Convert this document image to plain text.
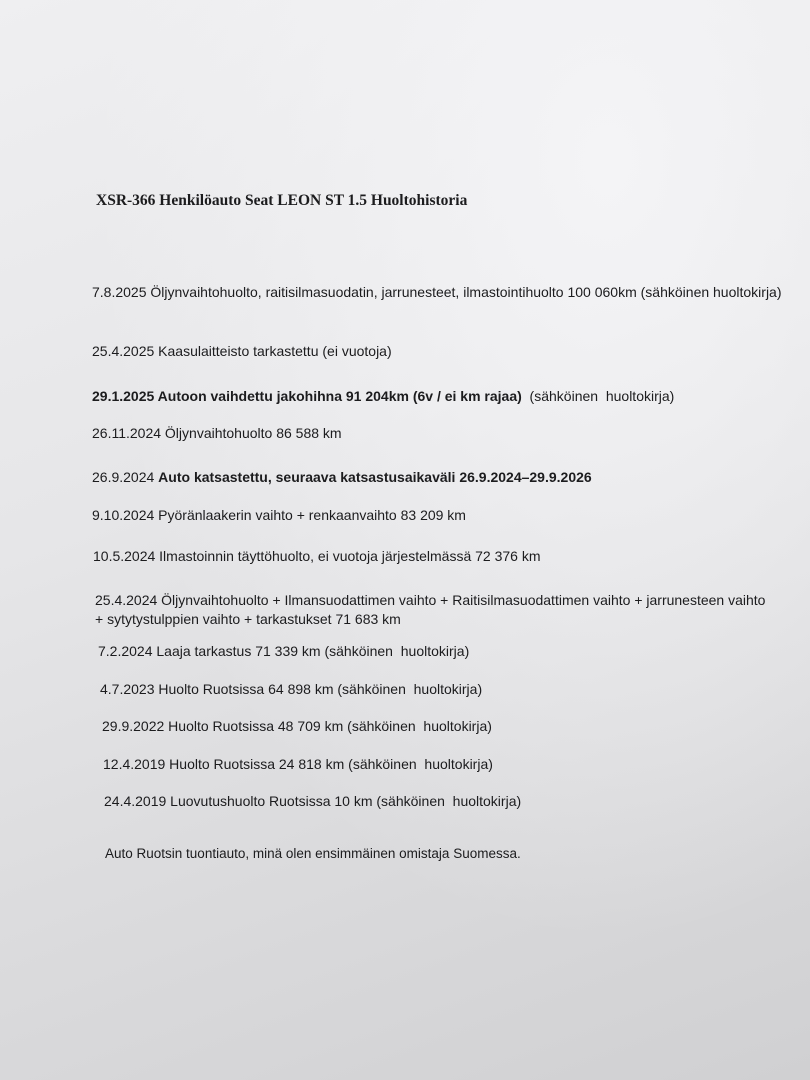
XSR-366 Henkilöauto Seat LEON ST 1.5 Huoltohistoria
7.8.2025 Öljynvaihtohuolto, raitisilmasuodatin, jarrunesteet, ilmastointihuolto 100 060km (sähköinen huoltokirja)
25.4.2025 Kaasulaitteisto tarkastettu (ei vuotoja)
29.1.2025 Autoon vaihdettu jakohihna 91 204km (6v / ei km rajaa)  (sähköinen  huoltokirja)
26.11.2024 Öljynvaihtohuolto 86 588 km
26.9.2024 Auto katsastettu, seuraava katsastusaikaväli 26.9.2024–29.9.2026
9.10.2024 Pyöränlaakerin vaihto + renkaanvaihto 83 209 km
10.5.2024 Ilmastoinnin täyttöhuolto, ei vuotoja järjestelmässä 72 376 km
25.4.2024 Öljynvaihtohuolto + Ilmansuodattimen vaihto + Raitisilmasuodattimen vaihto + jarrunesteen vaihto + sytytystulppien vaihto + tarkastukset 71 683 km
7.2.2024 Laaja tarkastus 71 339 km (sähköinen  huoltokirja)
4.7.2023 Huolto Ruotsissa 64 898 km (sähköinen  huoltokirja)
29.9.2022 Huolto Ruotsissa 48 709 km (sähköinen  huoltokirja)
12.4.2019 Huolto Ruotsissa 24 818 km (sähköinen  huoltokirja)
24.4.2019 Luovutushuolto Ruotsissa 10 km (sähköinen  huoltokirja)
Auto Ruotsin tuontiauto, minä olen ensimmäinen omistaja Suomessa.
